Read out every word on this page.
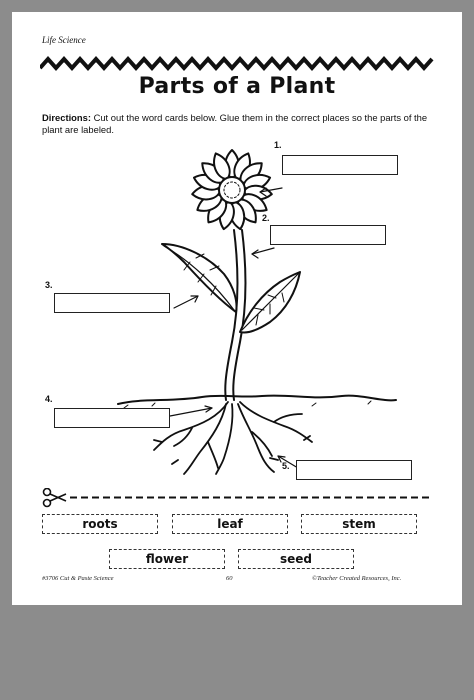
Life Science
Parts of a Plant
Directions: Cut out the word cards below. Glue them in the correct places so the parts of the plant are labeled.
1.
2.
3.
4.
5.
roots	leaf	stem
flower	seed
#3706 Cut & Paste Science	60	©Teacher Created Resources, Inc.
